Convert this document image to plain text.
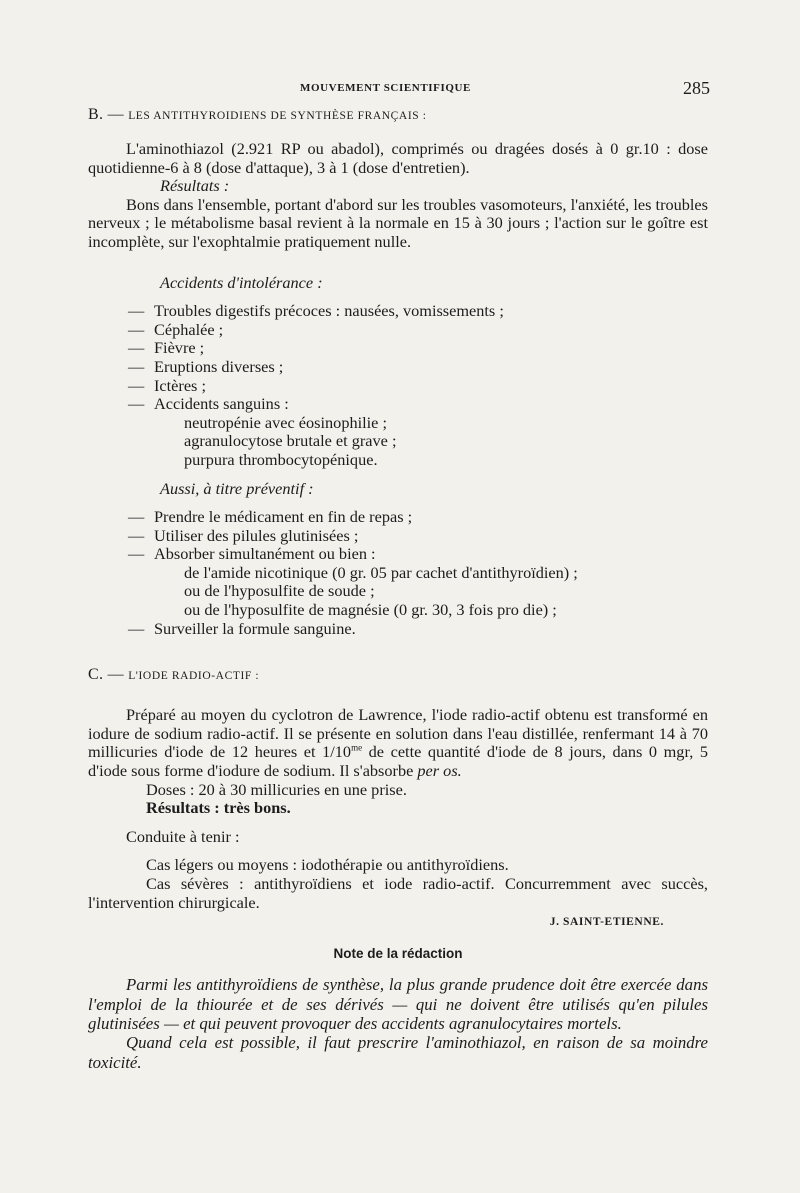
MOUVEMENT SCIENTIFIQUE	285
B. — LES ANTITHYROIDIENS DE SYNTHÈSE FRANÇAIS :

L'aminothiazol (2.921 RP ou abadol), comprimés ou dragées dosés à 0 gr.10 : dose quotidienne-6 à 8 (dose d'attaque), 3 à 1 (dose d'entretien).

Résultats :

Bons dans l'ensemble, portant d'abord sur les troubles vasomoteurs, l'anxiété, les troubles nerveux ; le métabolisme basal revient à la normale en 15 à 30 jours ; l'action sur le goître est incomplète, sur l'exophtalmie pratiquement nulle.

Accidents d'intolérance :

— Troubles digestifs précoces : nausées, vomissements ;
— Céphalée ;
— Fièvre ;
— Eruptions diverses ;
— Ictères ;
— Accidents sanguins :

neutropénie avec éosinophilie ;

agranulocytose brutale et grave ;

purpura thrombocytopénique.

Aussi, à titre préventif :

— Prendre le médicament en fin de repas ;
— Utiliser des pilules glutinisées ;
— Absorber simultanément ou bien :

de l'amide nicotinique (0 gr. 05 par cachet d'antithyroïdien) ;

ou de l'hyposulfite de soude ;

ou de l'hyposulfite de magnésie (0 gr. 30, 3 fois pro die) ;

— Surveiller la formule sanguine.
C. — L'IODE RADIO-ACTIF :

Préparé au moyen du cyclotron de Lawrence, l'iode radio-actif obtenu est transformé en iodure de sodium radio-actif. Il se présente en solution dans l'eau distillée, renfermant 14 à 70 millicuries d'iode de 12 heures et $1/10^{me}$ de cette quantité d'iode de 8 jours, dans 0 mgr, 5 d'iode sous forme d'iodure de sodium. Il s'absorbe per os.

Doses : 20 à 30 millicuries en une prise.

Résultats : très bons.

Conduite à tenir :

Cas légers ou moyens : iodothérapie ou antithyroïdiens.

Cas sévères : antithyroïdiens et iode radio-actif. Concurremment avec succès, l'intervention chirurgicale.

J. SAINT-ETIENNE.
Note de la rédaction

Parmi les antithyroïdiens de synthèse, la plus grande prudence doit être exercée dans l'emploi de la thiourée et de ses dérivés — qui ne doivent être utilisés qu'en pilules glutinisées — et qui peuvent provoquer des accidents agranulocytaires mortels.

Quand cela est possible, il faut prescrire l'aminothiazol, en raison de sa moindre toxicité.
